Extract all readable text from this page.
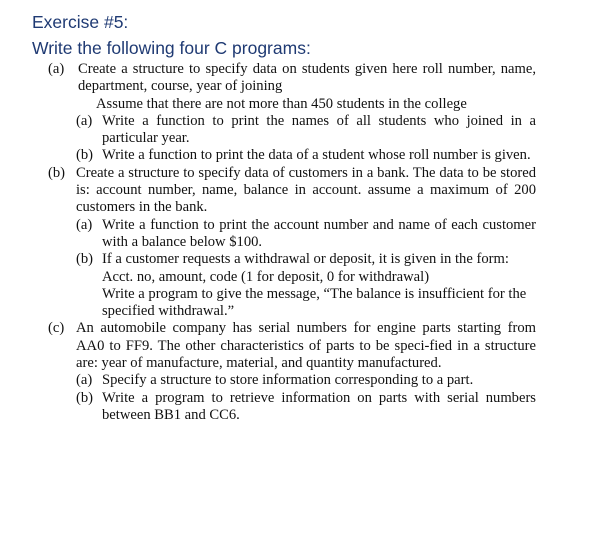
Exercise #5:
Write the following four C programs:
(a) Create a structure to specify data on students given here roll number, name, department, course, year of joining
Assume that there are not more than 450 students in the college
(a) Write a function to print the names of all students who joined in a particular year.
(b) Write a function to print the data of a student whose roll number is given.
(b) Create a structure to specify data of customers in a bank. The data to be stored is: account number, name, balance in account. assume a maximum of 200 customers in the bank.
(a) Write a function to print the account number and name of each customer with a balance below $100.
(b) If a customer requests a withdrawal or deposit, it is given in the form:
Acct. no, amount, code (1 for deposit, 0 for withdrawal)
Write a program to give the message, “The balance is insufficient for the specified withdrawal.”
(c) An automobile company has serial numbers for engine parts starting from AA0 to FF9. The other characteristics of parts to be speci-fied in a structure are: year of manufacture, material, and quantity manufactured.
(a) Specify a structure to store information corresponding to a part.
(b) Write a program to retrieve information on parts with serial numbers between BB1 and CC6.
